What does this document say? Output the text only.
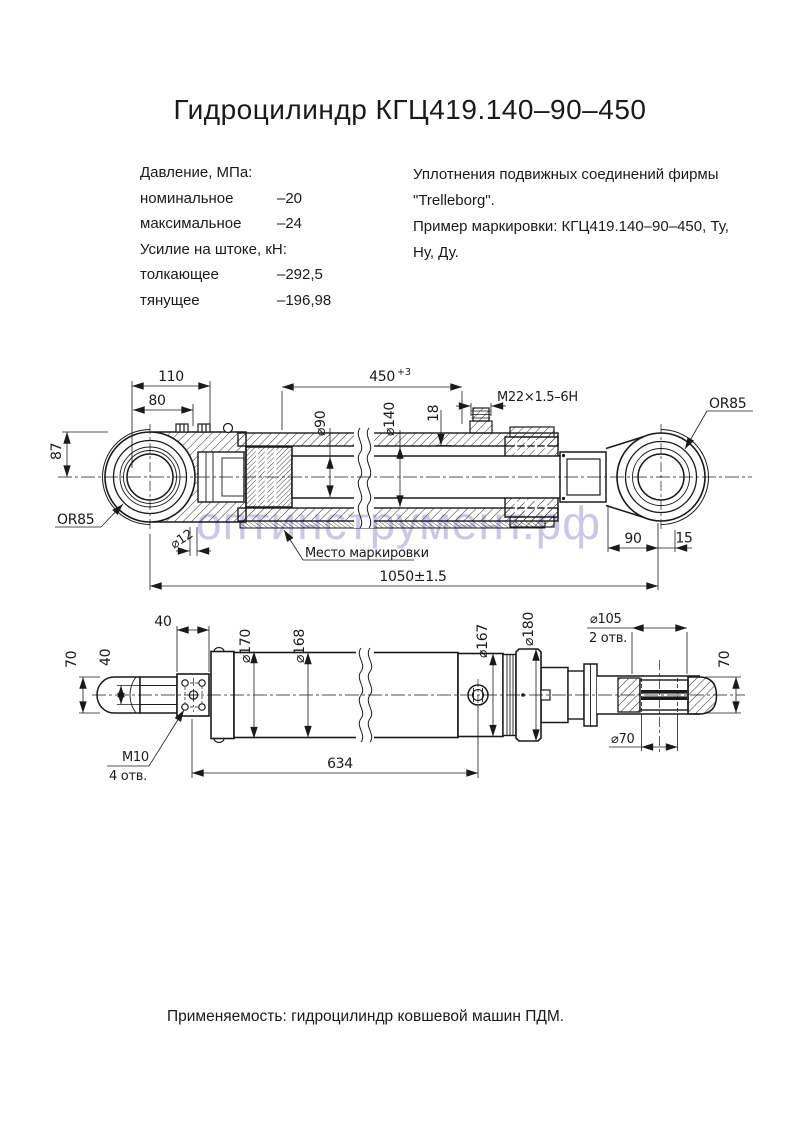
Гидроцилиндр КГЦ419.140–90–450
Давление, МПа:
номинальное	–20
максимальное	–24
Усилие на штоке, кН:
толкающее	–292,5
тянущее	–196,98
Уплотнения подвижных соединений фирмы
"Trelleborg".
Пример маркировки: КГЦ419.140–90–450, Ту, Ну, Ду.
110
80
87
450 +3
⌀90	⌀140 18
M22×1.5–6H
OR85
OR85
⌀12
Место маркировки
90 15
1050±1.5
70 40
40
⌀170	⌀168	⌀167 ⌀180	⌀105
2 отв.
70
⌀70
M10
4 отв.
634
оптинструмент.рф
Применяемость: гидроцилиндр ковшевой машин ПДМ.
